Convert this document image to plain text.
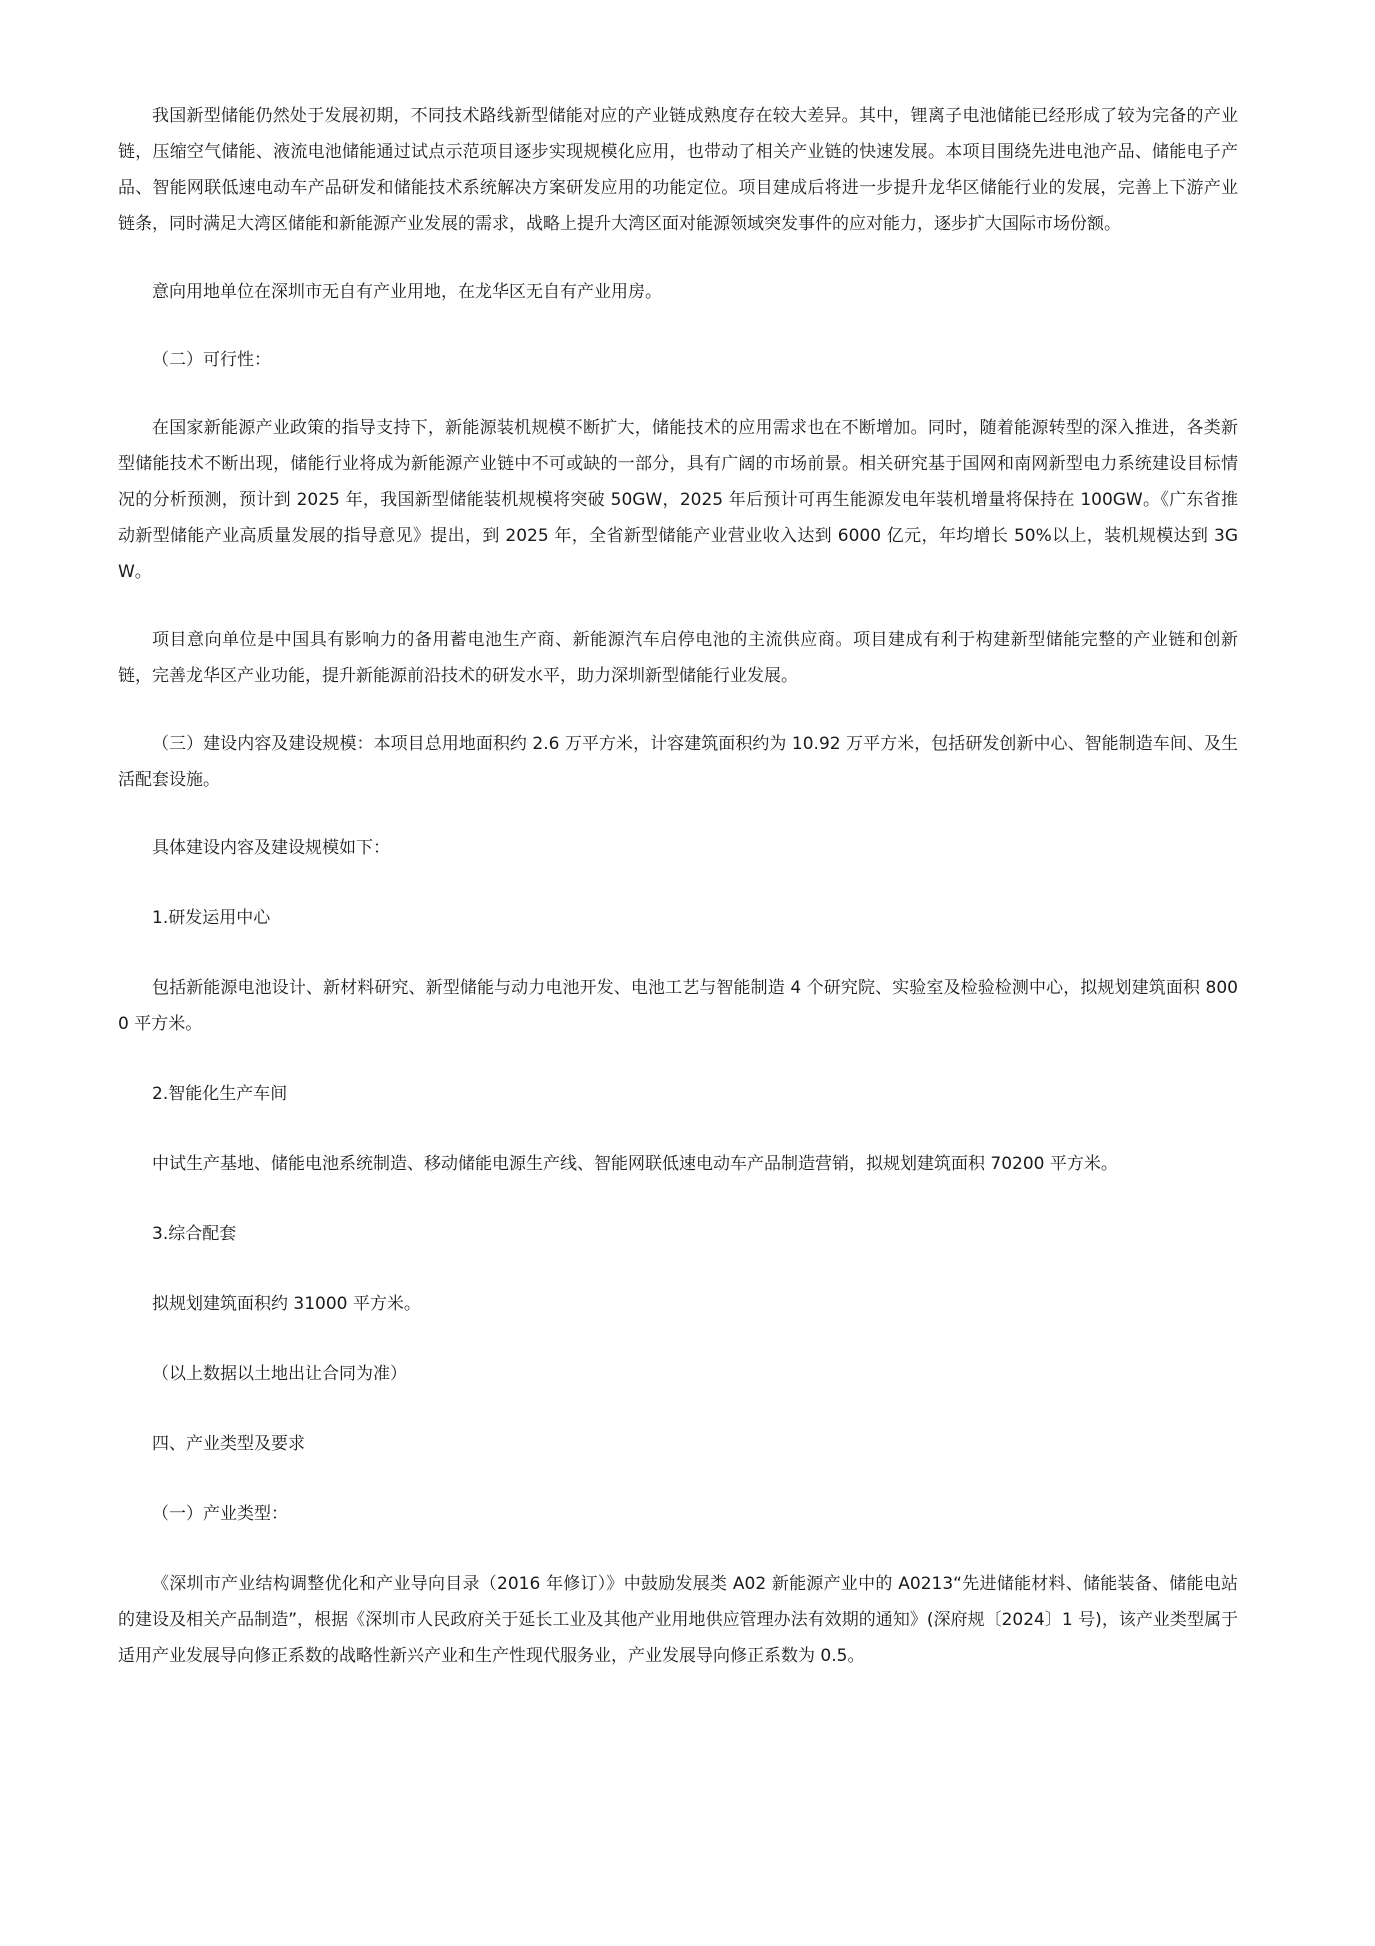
我国新型储能仍然处于发展初期，不同技术路线新型储能对应的产业链成熟度存在较大差异。其中，锂离子电池储能已经形成了较为完备的产业链，压缩空气储能、液流电池储能通过试点示范项目逐步实现规模化应用，也带动了相关产业链的快速发展。本项目围绕先进电池产品、储能电子产品、智能网联低速电动车产品研发和储能技术系统解决方案研发应用的功能定位。项目建成后将进一步提升龙华区储能行业的发展，完善上下游产业链条，同时满足大湾区储能和新能源产业发展的需求，战略上提升大湾区面对能源领域突发事件的应对能力，逐步扩大国际市场份额。

意向用地单位在深圳市无自有产业用地，在龙华区无自有产业用房。

（二）可行性：

在国家新能源产业政策的指导支持下，新能源装机规模不断扩大，储能技术的应用需求也在不断增加。同时，随着能源转型的深入推进，各类新型储能技术不断出现，储能行业将成为新能源产业链中不可或缺的一部分，具有广阔的市场前景。相关研究基于国网和南网新型电力系统建设目标情况的分析预测，预计到 2025 年，我国新型储能装机规模将突破 50GW，2025 年后预计可再生能源发电年装机增量将保持在 100GW。《广东省推动新型储能产业高质量发展的指导意见》提出，到 2025 年，全省新型储能产业营业收入达到 6000 亿元，年均增长 50%以上，装机规模达到 3GW。

项目意向单位是中国具有影响力的备用蓄电池生产商、新能源汽车启停电池的主流供应商。项目建成有利于构建新型储能完整的产业链和创新链，完善龙华区产业功能，提升新能源前沿技术的研发水平，助力深圳新型储能行业发展。

（三）建设内容及建设规模：本项目总用地面积约 2.6 万平方米，计容建筑面积约为 10.92 万平方米，包括研发创新中心、智能制造车间、及生活配套设施。

具体建设内容及建设规模如下：

1.研发运用中心

包括新能源电池设计、新材料研究、新型储能与动力电池开发、电池工艺与智能制造 4 个研究院、实验室及检验检测中心，拟规划建筑面积 8000 平方米。

2.智能化生产车间

中试生产基地、储能电池系统制造、移动储能电源生产线、智能网联低速电动车产品制造营销，拟规划建筑面积 70200 平方米。

3.综合配套

拟规划建筑面积约 31000 平方米。

（以上数据以土地出让合同为准）

四、产业类型及要求

（一）产业类型：

《深圳市产业结构调整优化和产业导向目录（2016 年修订）》中鼓励发展类 A02 新能源产业中的 A0213“先进储能材料、储能装备、储能电站的建设及相关产品制造”，根据《深圳市人民政府关于延长工业及其他产业用地供应管理办法有效期的通知》(深府规〔2024〕1 号)，该产业类型属于适用产业发展导向修正系数的战略性新兴产业和生产性现代服务业，产业发展导向修正系数为 0.5。
